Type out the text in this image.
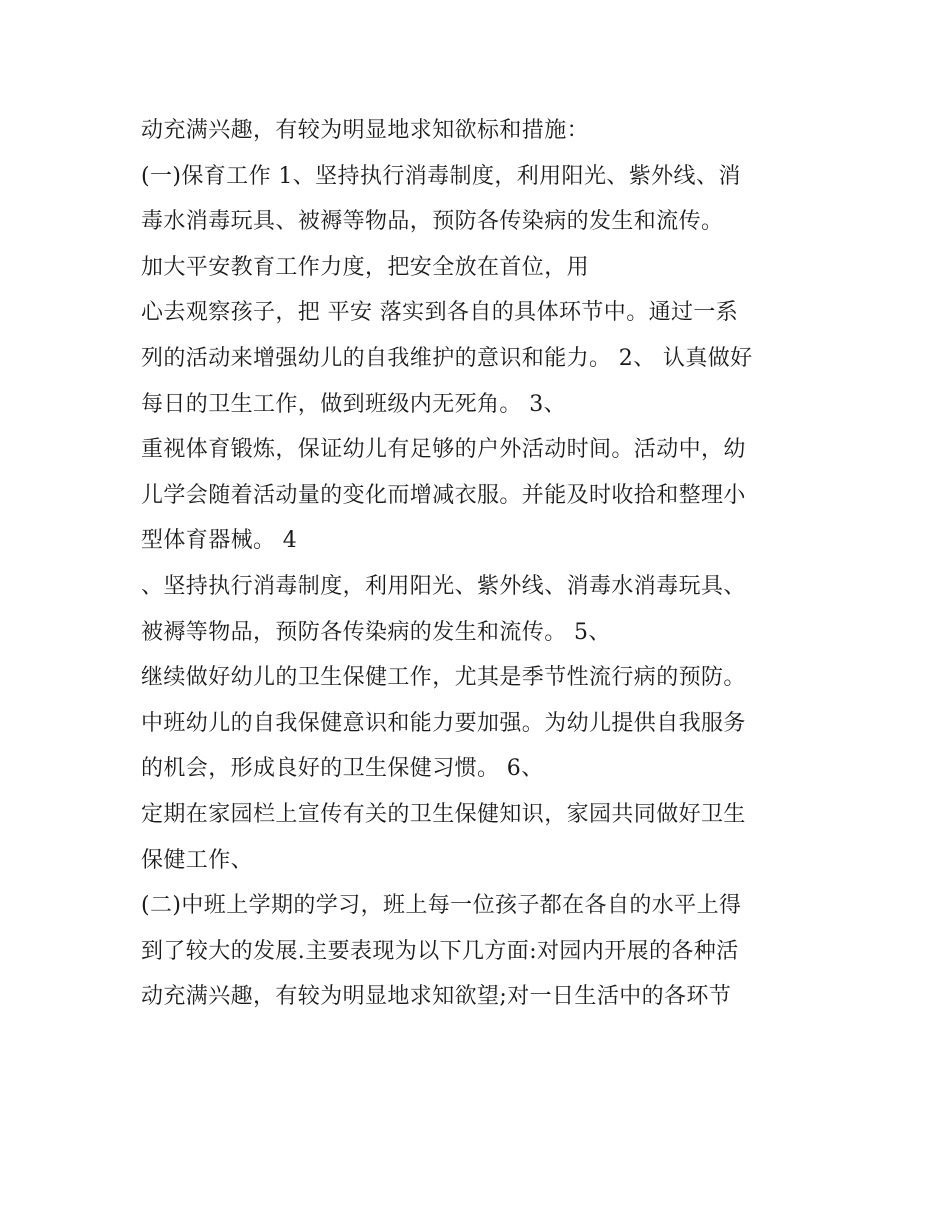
动充满兴趣，有较为明显地求知欲标和措施：
(一)保育工作 1、坚持执行消毒制度，利用阳光、紫外线、消
毒水消毒玩具、被褥等物品，预防各传染病的发生和流传。
加大平安教育工作力度，把安全放在首位，用
心去观察孩子，把 平安 落实到各自的具体环节中。通过一系
列的活动来增强幼儿的自我维护的意识和能力。 2、 认真做好
每日的卫生工作，做到班级内无死角。 3、
重视体育锻炼，保证幼儿有足够的户外活动时间。活动中，幼
儿学会随着活动量的变化而增减衣服。并能及时收拾和整理小
型体育器械。 4
、坚持执行消毒制度，利用阳光、紫外线、消毒水消毒玩具、
被褥等物品，预防各传染病的发生和流传。 5、
继续做好幼儿的卫生保健工作，尤其是季节性流行病的预防。
中班幼儿的自我保健意识和能力要加强。为幼儿提供自我服务
的机会，形成良好的卫生保健习惯。 6、
定期在家园栏上宣传有关的卫生保健知识，家园共同做好卫生
保健工作、
(二)中班上学期的学习，班上每一位孩子都在各自的水平上得
到了较大的发展.主要表现为以下几方面:对园内开展的各种活
动充满兴趣，有较为明显地求知欲望;对一日生活中的各环节
